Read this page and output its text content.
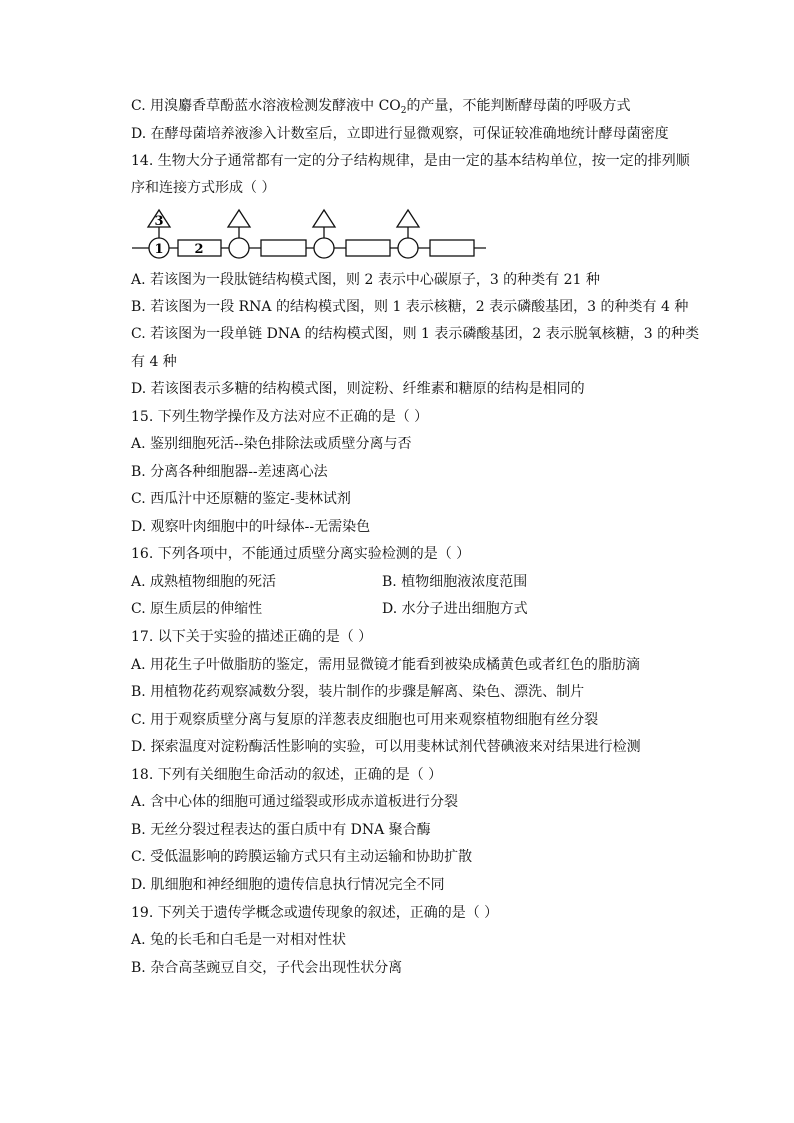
C. 用溴麝香草酚蓝水溶液检测发酵液中 $CO_2$的产量，不能判断酵母菌的呼吸方式
D. 在酵母菌培养液渗入计数室后，立即进行显微观察，可保证较准确地统计酵母菌密度
14. 生物大分子通常都有一定的分子结构规律，是由一定的基本结构单位，按一定的排列顺
序和连接方式形成（ ）
3
1 2
A. 若该图为一段肽链结构模式图，则 2 表示中心碳原子，3 的种类有 21 种
B. 若该图为一段 RNA 的结构模式图，则 1 表示核糖，2 表示磷酸基团，3 的种类有 4 种
C. 若该图为一段单链 DNA 的结构模式图，则 1 表示磷酸基团，2 表示脱氧核糖，3 的种类
有 4 种
D. 若该图表示多糖的结构模式图，则淀粉、纤维素和糖原的结构是相同的
15. 下列生物学操作及方法对应不正确的是（ ）
A. 鉴别细胞死活--染色排除法或质壁分离与否
B. 分离各种细胞器--差速离心法
C. 西瓜汁中还原糖的鉴定-斐林试剂
D. 观察叶肉细胞中的叶绿体--无需染色
16. 下列各项中，不能通过质壁分离实验检测的是（ ）
A. 成熟植物细胞的死活	B. 植物细胞液浓度范围
C. 原生质层的伸缩性	D. 水分子进出细胞方式
17. 以下关于实验的描述正确的是（ ）
A. 用花生子叶做脂肪的鉴定，需用显微镜才能看到被染成橘黄色或者红色的脂肪滴
B. 用植物花药观察减数分裂，装片制作的步骤是解离、染色、漂洗、制片
C. 用于观察质壁分离与复原的洋葱表皮细胞也可用来观察植物细胞有丝分裂
D. 探索温度对淀粉酶活性影响的实验，可以用斐林试剂代替碘液来对结果进行检测
18. 下列有关细胞生命活动的叙述，正确的是（ ）
A. 含中心体的细胞可通过缢裂或形成赤道板进行分裂
B. 无丝分裂过程表达的蛋白质中有 DNA 聚合酶
C. 受低温影响的跨膜运输方式只有主动运输和协助扩散
D. 肌细胞和神经细胞的遗传信息执行情况完全不同
19. 下列关于遗传学概念或遗传现象的叙述，正确的是（ ）
A. 兔的长毛和白毛是一对相对性状
B. 杂合高茎豌豆自交，子代会出现性状分离
